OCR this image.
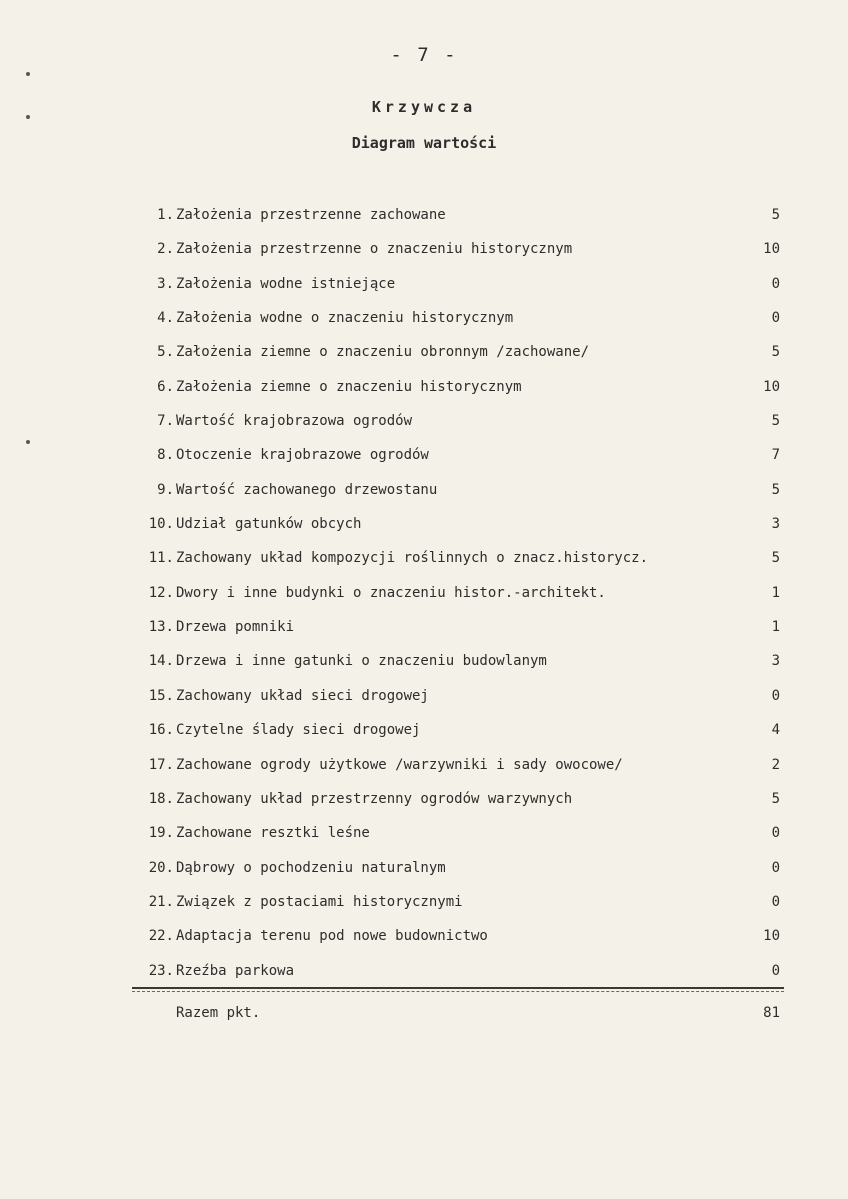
- 7 -
Krzywcza
Diagram wartości
1. Założenia przestrzenne zachowane	5
2. Założenia przestrzenne o znaczeniu historycznym	10
3. Założenia wodne istniejące	0
4. Założenia wodne o znaczeniu historycznym	0
5. Założenia ziemne o znaczeniu obronnym /zachowane/	5
6. Założenia ziemne o znaczeniu historycznym	10
7. Wartość krajobrazowa ogrodów	5
8. Otoczenie krajobrazowe ogrodów	7
9. Wartość zachowanego drzewostanu	5
10. Udział gatunków obcych	3
11. Zachowany układ kompozycji roślinnych o znacz.historycz.	5
12. Dwory i inne budynki o znaczeniu histor.-architekt.	1
13. Drzewa pomniki	1
14. Drzewa i inne gatunki o znaczeniu budowlanym	3
15. Zachowany układ sieci drogowej	0
16. Czytelne ślady sieci drogowej	4
17. Zachowane ogrody użytkowe /warzywniki i sady owocowe/	2
18. Zachowany układ przestrzenny ogrodów warzywnych	5
19. Zachowane resztki leśne	0
20. Dąbrowy o pochodzeniu naturalnym	0
21. Związek z postaciami historycznymi	0
22. Adaptacja terenu pod nowe budownictwo	10
23. Rzeźba parkowa	0
Razem pkt.	81
